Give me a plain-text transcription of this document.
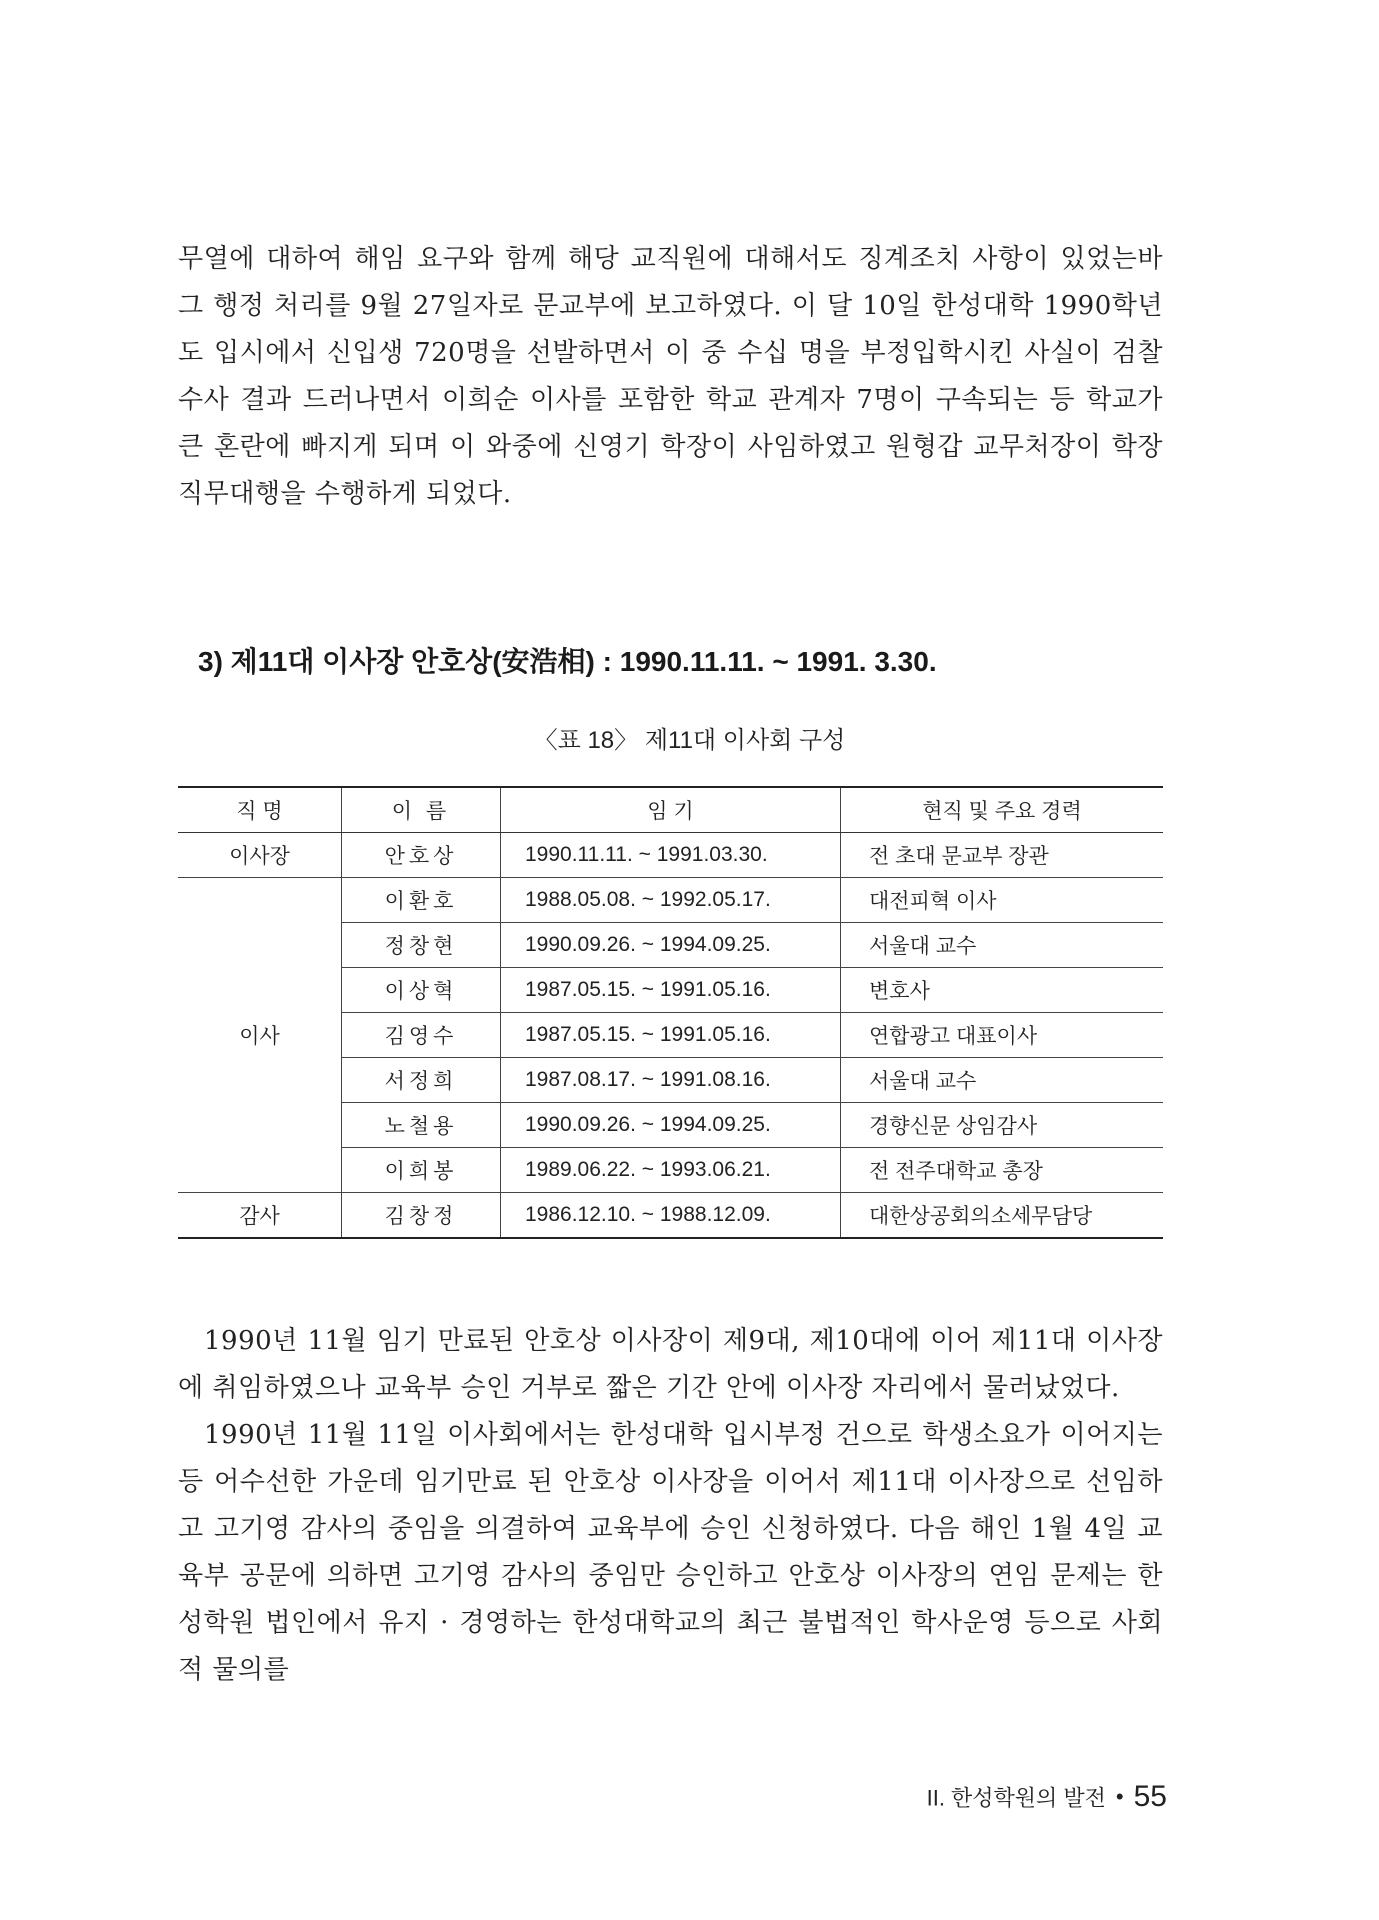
무열에 대하여 해임 요구와 함께 해당 교직원에 대해서도 징계조치 사항이 있었는바 그 행정 처리를 9월 27일자로 문교부에 보고하였다. 이 달 10일 한성대학 1990학년도 입시에서 신입생 720명을 선발하면서 이 중 수십 명을 부정입학시킨 사실이 검찰 수사 결과 드러나면서 이희순 이사를 포함한 학교 관계자 7명이 구속되는 등 학교가 큰 혼란에 빠지게 되며 이 와중에 신영기 학장이 사임하였고 원형갑 교무처장이 학장직무대행을 수행하게 되었다.

3) 제11대 이사장 안호상(安浩相) : 1990.11.11. ~ 1991. 3.30.

〈표 18〉 제11대 이사회 구성

직 명	이 름	임 기	현직 및 주요 경력
이사장	안호상	1990.11.11. ~ 1991.03.30.	전 초대 문교부 장관
이사	이환호	1988.05.08. ~ 1992.05.17.	대전피혁 이사
	정창현	1990.09.26. ~ 1994.09.25.	서울대 교수
	이상혁	1987.05.15. ~ 1991.05.16.	변호사
	김영수	1987.05.15. ~ 1991.05.16.	연합광고 대표이사
	서정희	1987.08.17. ~ 1991.08.16.	서울대 교수
	노철용	1990.09.26. ~ 1994.09.25.	경향신문 상임감사
	이희봉	1989.06.22. ~ 1993.06.21.	전 전주대학교 총장
감사	김창정	1986.12.10. ~ 1988.12.09.	대한상공회의소세무담당

1990년 11월 임기 만료된 안호상 이사장이 제9대, 제10대에 이어 제11대 이사장에 취임하였으나 교육부 승인 거부로 짧은 기간 안에 이사장 자리에서 물러났었다.

1990년 11월 11일 이사회에서는 한성대학 입시부정 건으로 학생소요가 이어지는 등 어수선한 가운데 임기만료 된 안호상 이사장을 이어서 제11대 이사장으로 선임하고 고기영 감사의 중임을 의결하여 교육부에 승인 신청하였다. 다음 해인 1월 4일 교육부 공문에 의하면 고기영 감사의 중임만 승인하고 안호상 이사장의 연임 문제는 한성학원 법인에서 유지 · 경영하는 한성대학교의 최근 불법적인 학사운영 등으로 사회적 물의를

II. 한성학원의 발전 • 55
